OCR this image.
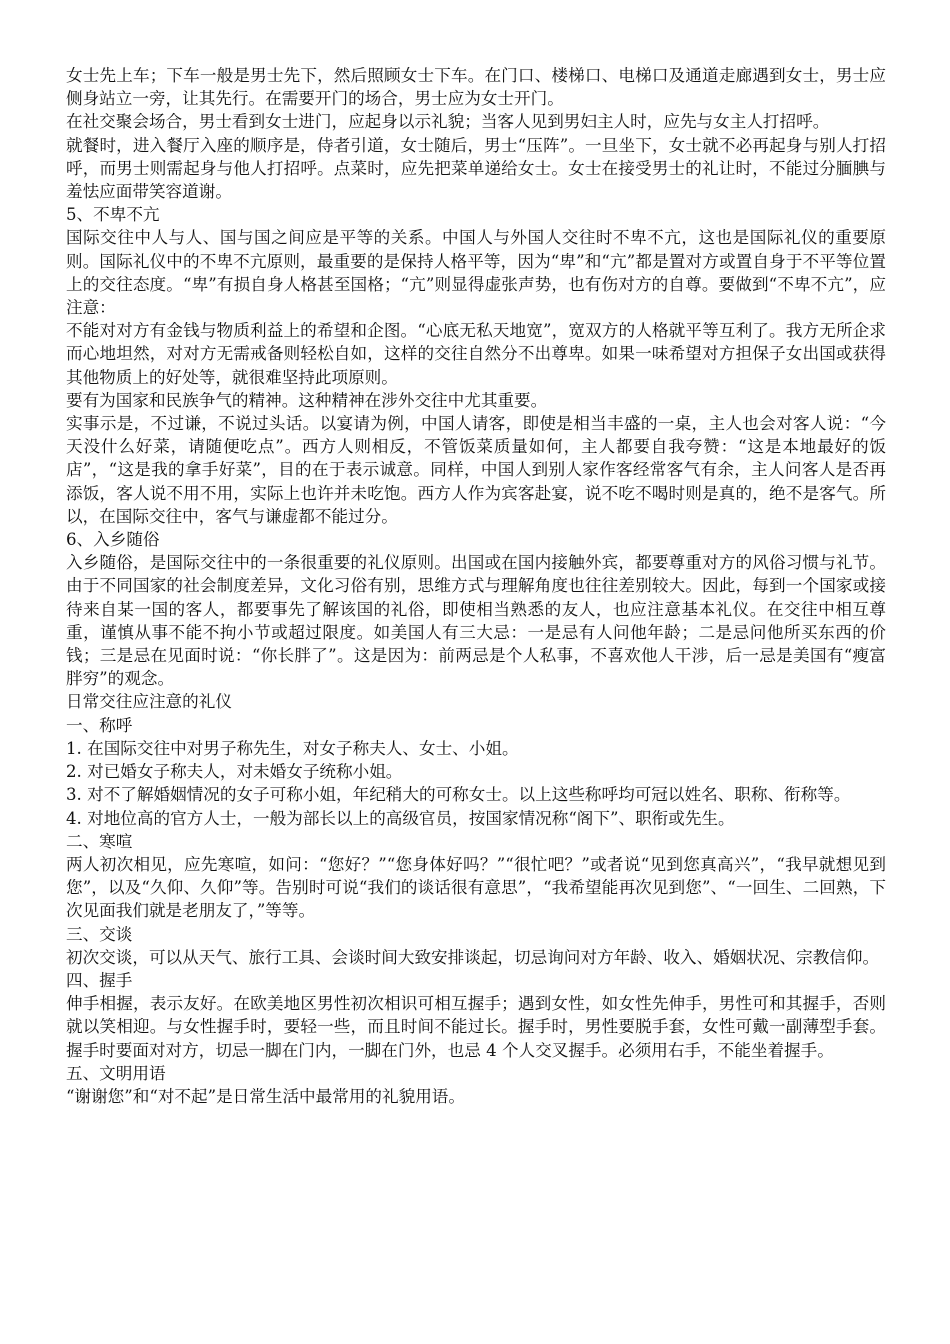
女士先上车；下车一般是男士先下，然后照顾女士下车。在门口、楼梯口、电梯口及通道走廊遇到女士，男士应侧身站立一旁，让其先行。在需要开门的场合，男士应为女士开门。

在社交聚会场合，男士看到女士进门，应起身以示礼貌；当客人见到男妇主人时，应先与女主人打招呼。

就餐时，进入餐厅入座的顺序是，侍者引道，女士随后，男士“压阵”。一旦坐下，女士就不必再起身与别人打招呼，而男士则需起身与他人打招呼。点菜时，应先把菜单递给女士。女士在接受男士的礼让时，不能过分腼腆与羞怯应面带笑容道谢。

5、不卑不亢

国际交往中人与人、国与国之间应是平等的关系。中国人与外国人交往时不卑不亢，这也是国际礼仪的重要原则。国际礼仪中的不卑不亢原则，最重要的是保持人格平等，因为“卑”和“亢”都是置对方或置自身于不平等位置上的交往态度。“卑”有损自身人格甚至国格；“亢”则显得虚张声势，也有伤对方的自尊。要做到“不卑不亢”，应注意：

不能对对方有金钱与物质利益上的希望和企图。“心底无私天地宽”，宽双方的人格就平等互利了。我方无所企求而心地坦然，对对方无需戒备则轻松自如，这样的交往自然分不出尊卑。如果一味希望对方担保子女出国或获得其他物质上的好处等，就很难坚持此项原则。

要有为国家和民族争气的精神。这种精神在涉外交往中尤其重要。

实事示是，不过谦，不说过头话。以宴请为例，中国人请客，即使是相当丰盛的一桌，主人也会对客人说：“今天没什么好菜，请随便吃点”。西方人则相反，不管饭菜质量如何，主人都要自我夸赞：“这是本地最好的饭店”，“这是我的拿手好菜”，目的在于表示诚意。同样，中国人到别人家作客经常客气有余，主人问客人是否再添饭，客人说不用不用，实际上也许并未吃饱。西方人作为宾客赴宴，说不吃不喝时则是真的，绝不是客气。所以，在国际交往中，客气与谦虚都不能过分。

6、入乡随俗

入乡随俗，是国际交往中的一条很重要的礼仪原则。出国或在国内接触外宾，都要尊重对方的风俗习惯与礼节。由于不同国家的社会制度差异，文化习俗有别，思维方式与理解角度也往往差别较大。因此，每到一个国家或接待来自某一国的客人，都要事先了解该国的礼俗，即使相当熟悉的友人，也应注意基本礼仪。在交往中相互尊重，谨慎从事不能不拘小节或超过限度。如美国人有三大忌：一是忌有人问他年龄；二是忌问他所买东西的价钱；三是忌在见面时说：“你长胖了”。这是因为：前两忌是个人私事，不喜欢他人干涉，后一忌是美国有“瘦富胖穷”的观念。

日常交往应注意的礼仪

一、称呼

1. 在国际交往中对男子称先生，对女子称夫人、女士、小姐。

2. 对已婚女子称夫人，对未婚女子统称小姐。

3. 对不了解婚姻情况的女子可称小姐，年纪稍大的可称女士。以上这些称呼均可冠以姓名、职称、衔称等。

4. 对地位高的官方人士，一般为部长以上的高级官员，按国家情况称“阁下”、职衔或先生。

二、寒喧

两人初次相见，应先寒喧，如问：“您好？”“您身体好吗？”“很忙吧？”或者说“见到您真高兴”，“我早就想见到您”，以及“久仰、久仰”等。告别时可说“我们的谈话很有意思”，“我希望能再次见到您”、“一回生、二回熟，下次见面我们就是老朋友了，”等等。

三、交谈

初次交谈，可以从天气、旅行工具、会谈时间大致安排谈起，切忌询问对方年龄、收入、婚姻状况、宗教信仰。

四、握手

伸手相握，表示友好。在欧美地区男性初次相识可相互握手；遇到女性，如女性先伸手，男性可和其握手，否则就以笑相迎。与女性握手时，要轻一些，而且时间不能过长。握手时，男性要脱手套，女性可戴一副薄型手套。握手时要面对对方，切忌一脚在门内，一脚在门外，也忌 4 个人交叉握手。必须用右手，不能坐着握手。

五、文明用语

“谢谢您”和“对不起”是日常生活中最常用的礼貌用语。
